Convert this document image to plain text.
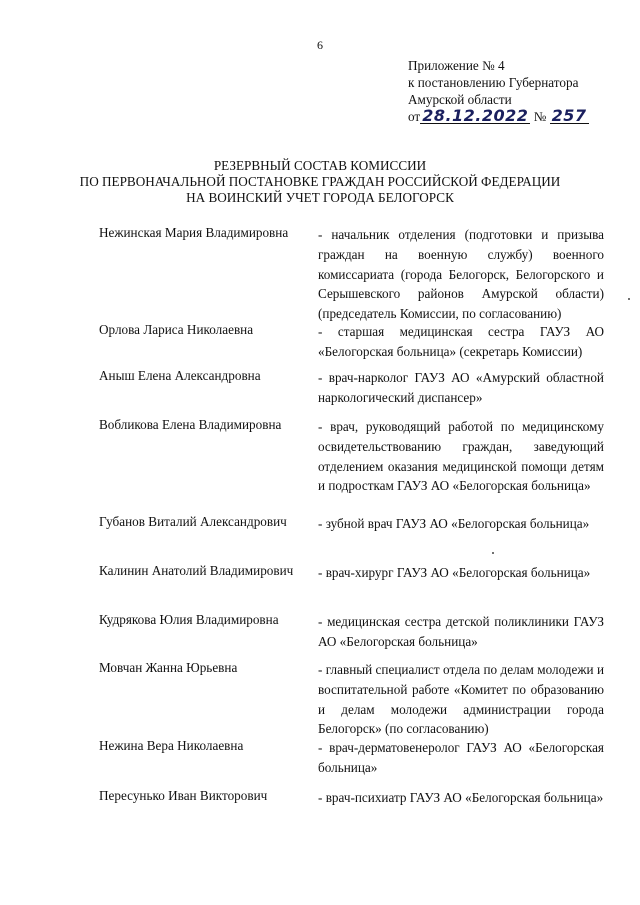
6
Приложение № 4
к постановлению Губернатора
Амурской области
от 28.12.2022 № 257
РЕЗЕРВНЫЙ СОСТАВ КОМИССИИ
ПО ПЕРВОНАЧАЛЬНОЙ ПОСТАНОВКЕ ГРАЖДАН РОССИЙСКОЙ ФЕДЕРАЦИИ
НА ВОИНСКИЙ УЧЕТ ГОРОДА БЕЛОГОРСК
Нежинская Мария Владимировна - начальник отделения (подготовки и призыва граждан на военную службу) военного комиссариата (города Белогорск, Белогорского и Серышевского районов Амурской области) (председатель Комиссии, по согласованию)
Орлова Лариса Николаевна	- старшая медицинская сестра ГАУЗ АО «Белогорская больница» (секретарь Комиссии)
Аныш Елена Александровна	- врач-нарколог ГАУЗ АО «Амурский областной наркологический диспансер»
Вобликова Елена Владимировна	- врач, руководящий работой по медицинскому освидетельствованию граждан, заведующий отделением оказания медицинской помощи детям и подросткам ГАУЗ АО «Белогорская больница»
Губанов Виталий Александрович - зубной врач ГАУЗ АО «Белогорская больница»
Калинин Анатолий Владимирович - врач-хирург ГАУЗ АО «Белогорская больница»
Кудрякова Юлия Владимировна	- медицинская сестра детской поликлиники ГАУЗ АО «Белогорская больница»
Мовчан Жанна Юрьевна	- главный специалист отдела по делам молодежи и воспитательной работе «Комитет по образованию и делам молодежи администрации города Белогорск» (по согласованию)
Нежина Вера Николаевна	- врач-дерматовенеролог ГАУЗ АО «Белогорская больница»
Пересунько Иван Викторович	- врач-психиатр ГАУЗ АО «Белогорская больница»
